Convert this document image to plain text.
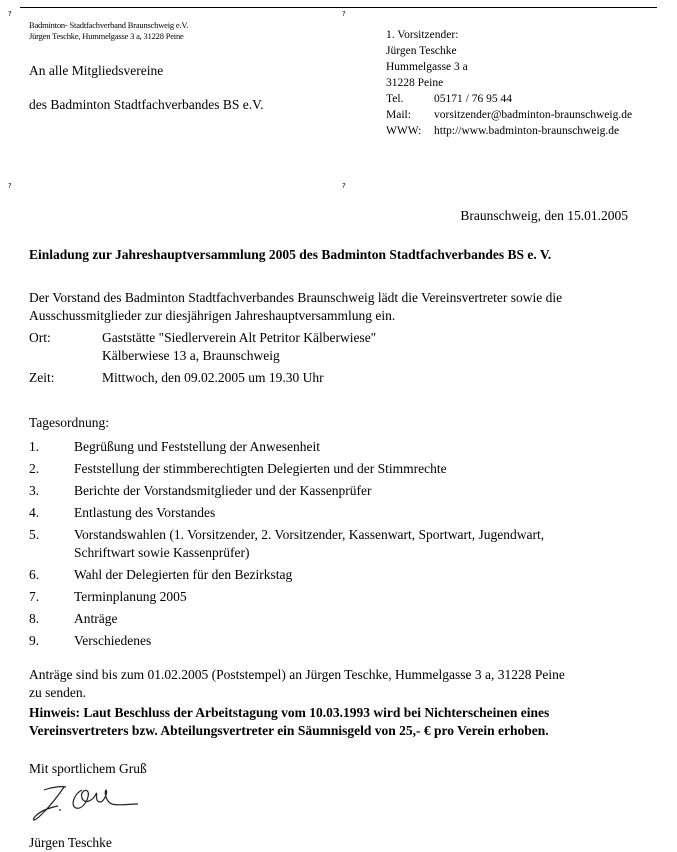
?	?
?	?
Badminton- Stadtfachverband Braunschweig e.V.
Jürgen Teschke, Hummelgasse 3 a, 31228 Peine
An alle Mitgliedsvereine
des Badminton Stadtfachverbandes BS e.V.
1. Vorsitzender:
Jürgen Teschke
Hummelgasse 3 a
31228 Peine
Tel.	05171 / 76 95 44
Mail:	vorsitzender@badminton-braunschweig.de
WWW:	http://www.badminton-braunschweig.de
Braunschweig, den 15.01.2005
Einladung zur Jahreshauptversammlung 2005 des Badminton Stadtfachverbandes BS e. V.
Der Vorstand des Badminton Stadtfachverbandes Braunschweig lädt die Vereinsvertreter sowie die
Ausschussmitglieder zur diesjährigen Jahreshauptversammlung ein.
Ort:	Gaststätte "Siedlerverein Alt Petritor Kälberwiese"
Kälberwiese 13 a, Braunschweig
Zeit:	Mittwoch, den 09.02.2005 um 19.30 Uhr
Tagesordnung:
1.	Begrüßung und Feststellung der Anwesenheit
2.	Feststellung der stimmberechtigten Delegierten und der Stimmrechte
3.	Berichte der Vorstandsmitglieder und der Kassenprüfer
4.	Entlastung des Vorstandes
5.	Vorstandswahlen (1. Vorsitzender, 2. Vorsitzender, Kassenwart, Sportwart, Jugendwart,
Schriftwart sowie Kassenprüfer)
6.	Wahl der Delegierten für den Bezirkstag
7.	Terminplanung 2005
8.	Anträge
9.	Verschiedenes
Anträge sind bis zum 01.02.2005 (Poststempel) an Jürgen Teschke, Hummelgasse 3 a, 31228 Peine
zu senden.
Hinweis: Laut Beschluss der Arbeitstagung vom 10.03.1993 wird bei Nichterscheinen eines
Vereinsvertreters bzw. Abteilungsvertreter ein Säumnisgeld von 25,- € pro Verein erhoben.
Mit sportlichem Gruß
Jürgen Teschke
